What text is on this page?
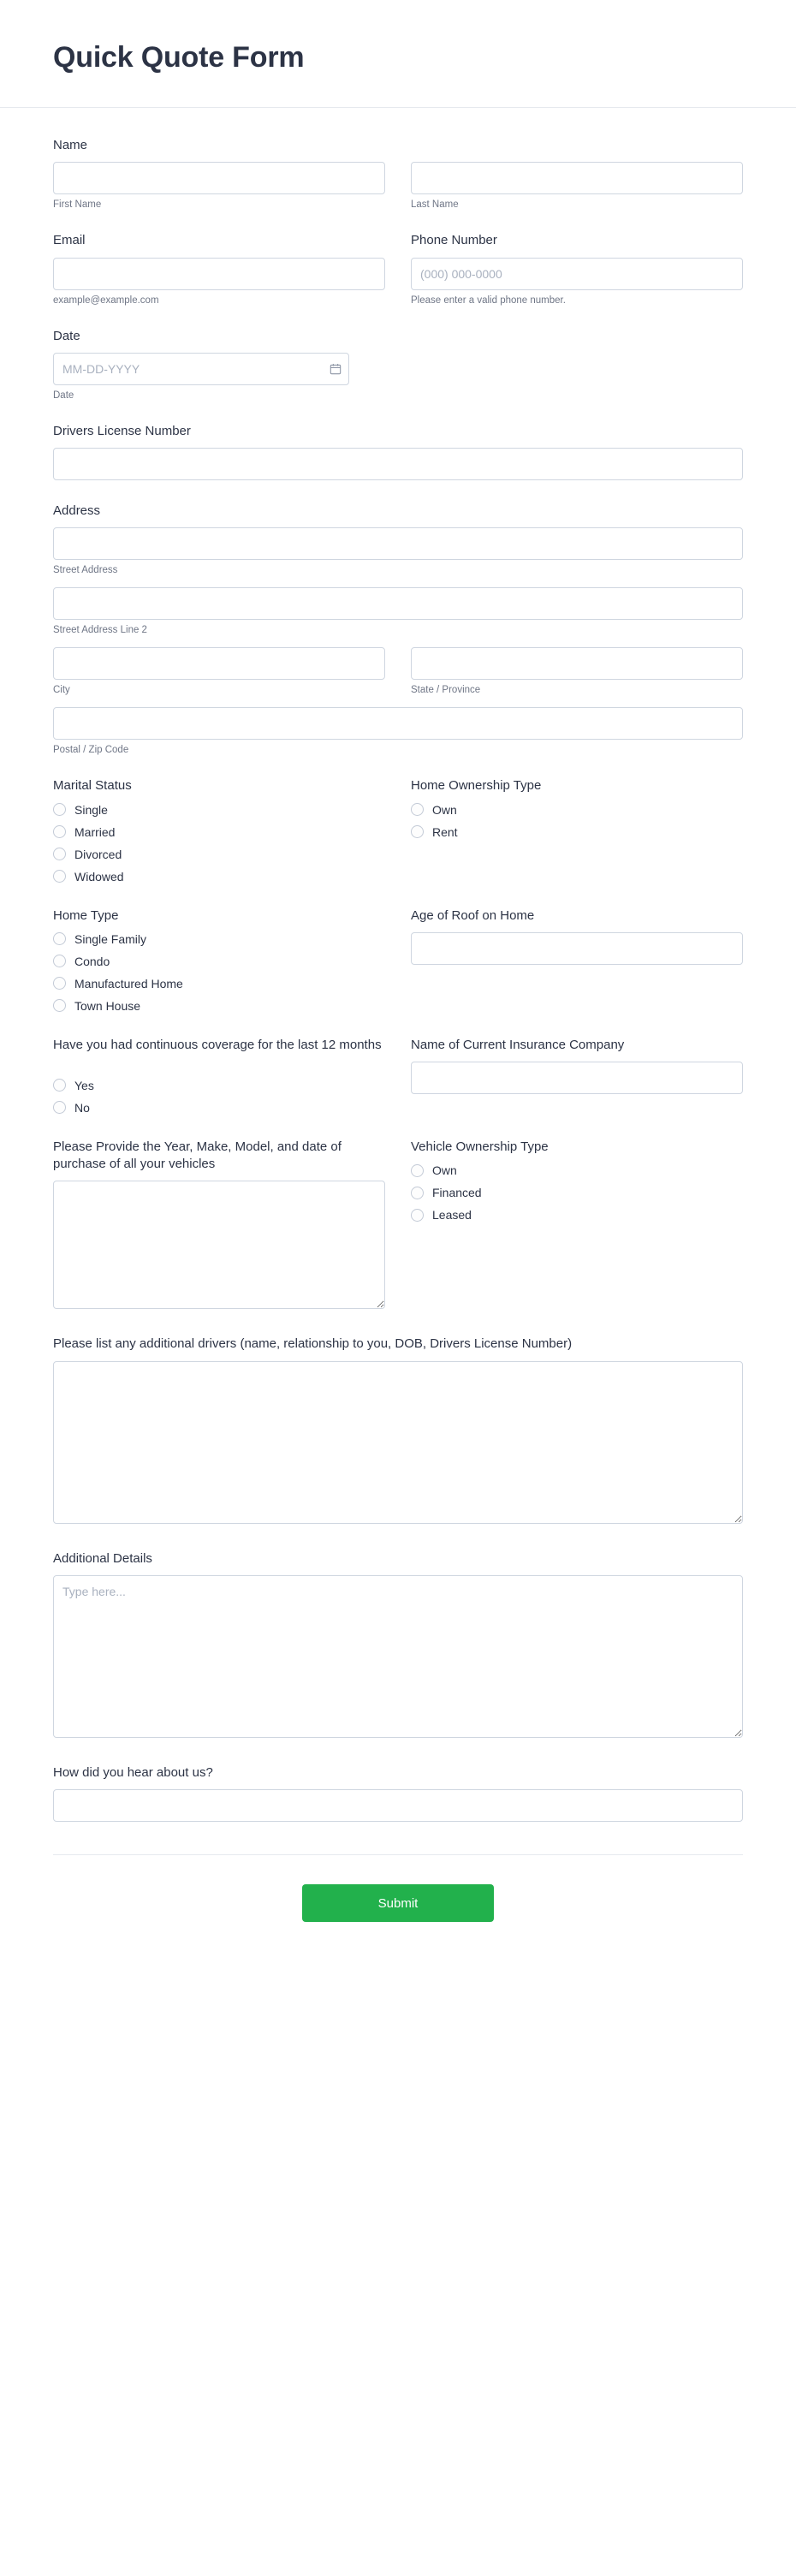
Quick Quote Form
Name
First Name	Last Name
Email
example@example.com
Phone Number
(000) 000-0000
Please enter a valid phone number.
Date
MM-DD-YYYY
Date
Drivers License Number
Address
Street Address
Street Address Line 2
City	State / Province
Postal / Zip Code
Marital Status
Single
Married
Divorced
Widowed
Home Ownership Type
Own
Rent
Home Type
Single Family
Condo
Manufactured Home
Town House
Age of Roof on Home
Have you had continuous coverage for the last 12 months
Yes
No
Name of Current Insurance Company
Please Provide the Year, Make, Model, and date of purchase of all your vehicles
Vehicle Ownership Type
Own
Financed
Leased
Please list any additional drivers (name, relationship to you, DOB, Drivers License Number)
Additional Details
Type here...
How did you hear about us?
Submit
